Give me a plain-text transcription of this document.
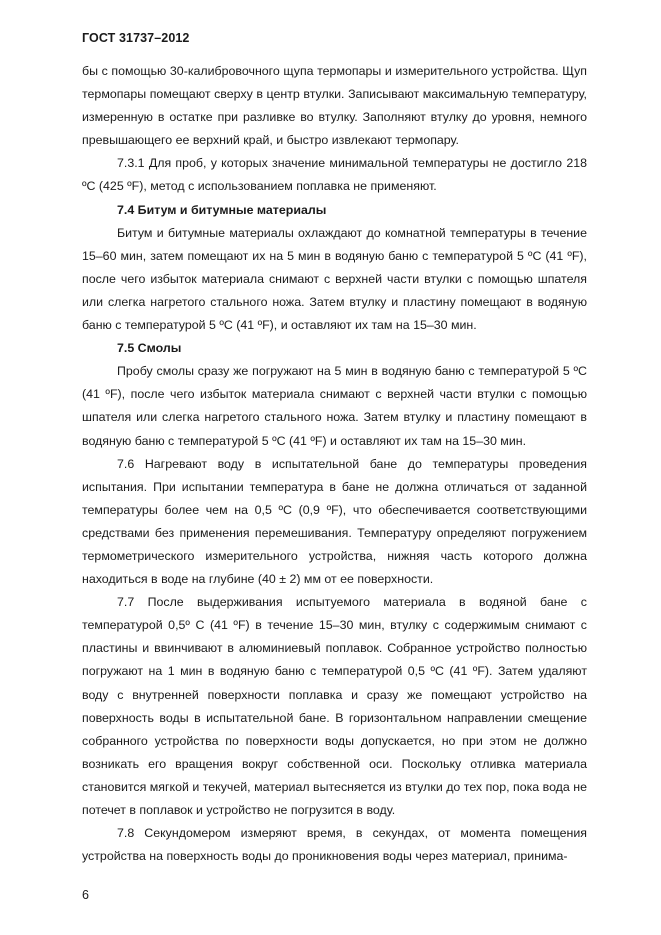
ГОСТ 31737–2012

бы с помощью 30-калибровочного щупа термопары и измерительного устройства. Щуп термопары помещают сверху в центр втулки. Записывают максимальную температуру, измеренную в остатке при разливке во втулку. Заполняют втулку до уровня, немного превышающего ее верхний край, и быстро извлекают термопару.

7.3.1 Для проб, у которых значение минимальной температуры не достигло 218 ºC (425 ºF), метод с использованием поплавка не применяют.

7.4 Битум и битумные материалы

Битум и битумные материалы охлаждают до комнатной температуры в течение 15–60 мин, затем помещают их на 5 мин в водяную баню с температурой 5 ºC (41 ºF), после чего избыток материала снимают с верхней части втулки с помощью шпателя или слегка нагретого стального ножа. Затем втулку и пластину помещают в водяную баню с температурой 5 ºC (41 ºF), и оставляют их там на 15–30 мин.

7.5 Смолы

Пробу смолы сразу же погружают на 5 мин в водяную баню с температурой 5 ºC (41 ºF), после чего избыток материала снимают с верхней части втулки с помощью шпателя или слегка нагретого стального ножа. Затем втулку и пластину помещают в водяную баню с температурой 5 ºC (41 ºF) и оставляют их там на 15–30 мин.

7.6 Нагревают воду в испытательной бане до температуры проведения испытания. При испытании температура в бане не должна отличаться от заданной температуры более чем на 0,5 ºC (0,9 ºF), что обеспечивается соответствующими средствами без применения перемешивания. Температуру определяют погружением термометрического измерительного устройства, нижняя часть которого должна находиться в воде на глубине (40 ± 2) мм от ее поверхности.

7.7 После выдерживания испытуемого материала в водяной бане с температурой 0,5º C (41 ºF) в течение 15–30 мин, втулку с содержимым снимают с пластины и ввинчивают в алюминиевый поплавок. Собранное устройство полностью погружают на 1 мин в водяную баню с температурой 0,5 ºC (41 ºF). Затем удаляют воду с внутренней поверхности поплавка и сразу же помещают устройство на поверхность воды в испытательной бане. В горизонтальном направлении смещение собранного устройства по поверхности воды допускается, но при этом не должно возникать его вращения вокруг собственной оси. Поскольку отливка материала становится мягкой и текучей, материал вытесняется из втулки до тех пор, пока вода не потечет в поплавок и устройство не погрузится в воду.

7.8 Секундомером измеряют время, в секундах, от момента помещения устройства на поверхность воды до проникновения воды через материал, принима-

6
